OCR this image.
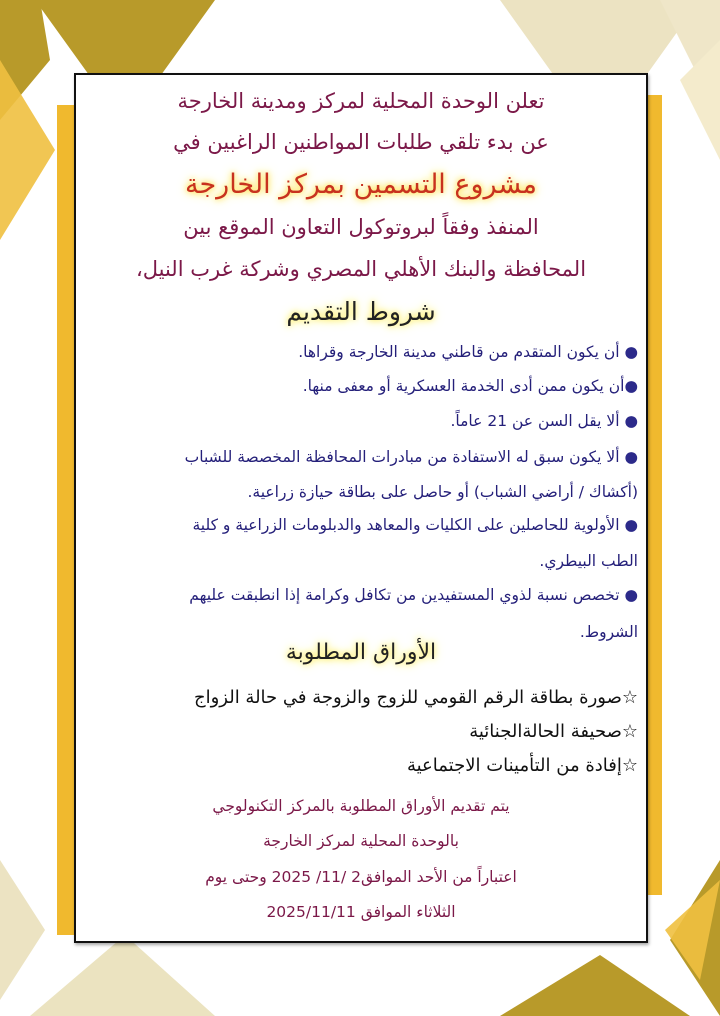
تعلن الوحدة المحلية لمركز ومدينة الخارجة
عن بدء تلقي طلبات المواطنين الراغبين في
مشروع التسمين بمركز الخارجة
المنفذ وفقاً لبروتوكول التعاون الموقع بين
المحافظة والبنك الأهلي المصري وشركة غرب النيل،
شروط التقديم
● أن يكون المتقدم من قاطني مدينة الخارجة وقراها.
●أن يكون ممن أدى الخدمة العسكرية أو معفى منها.
● ألا يقل السن عن 21 عاماً.
● ألا يكون سبق له الاستفادة من مبادرات المحافظة المخصصة للشباب
(أكشاك / أراضي الشباب) أو حاصل على بطاقة حيازة زراعية.
● الأولوية للحاصلين على الكليات والمعاهد والدبلومات الزراعية و كلية
الطب البيطري.
● تخصص نسبة لذوي المستفيدين من تكافل وكرامة إذا انطبقت عليهم
الشروط.
الأوراق المطلوبة
☆صورة بطاقة الرقم القومي للزوج والزوجة في حالة الزواج
☆صحيفة الحالةالجنائية
☆إفادة من التأمينات الاجتماعية
يتم تقديم الأوراق المطلوبة بالمركز التكنولوجي
بالوحدة المحلية لمركز الخارجة
اعتباراً من الأحد الموافق2 /11/ 2025 وحتى يوم
الثلاثاء الموافق 2025/11/11
